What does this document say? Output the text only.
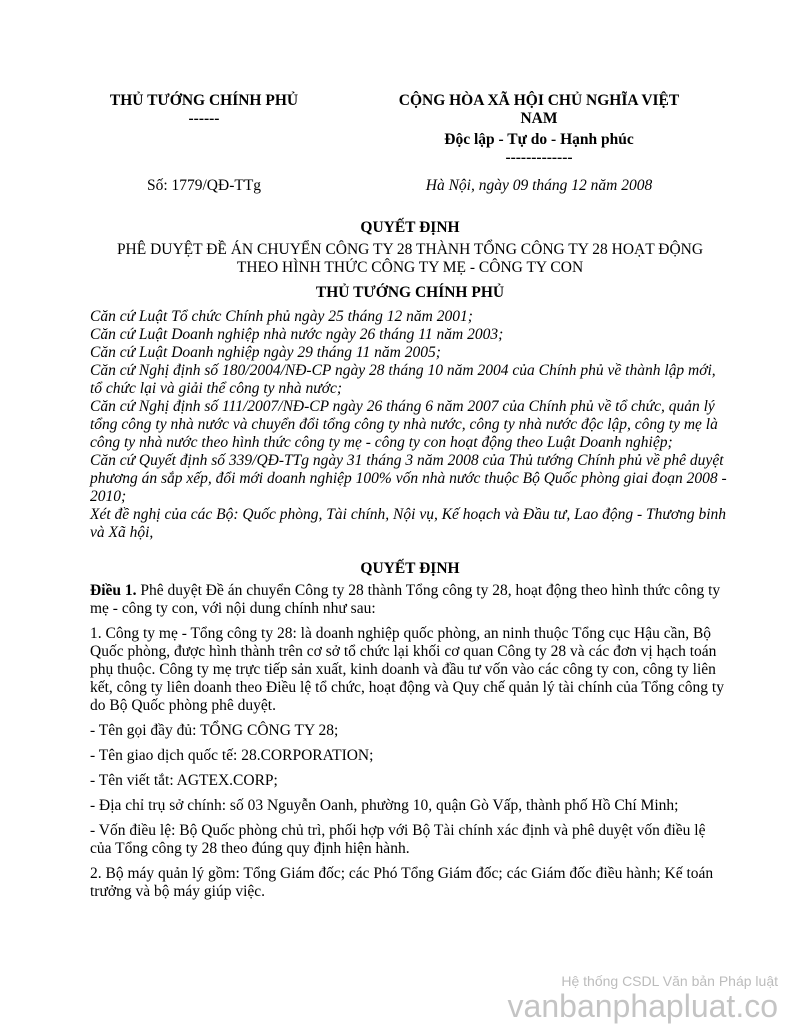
THỦ TƯỚNG CHÍNH PHỦ
------
CỘNG HÒA XÃ HỘI CHỦ NGHĨA VIỆT
NAM
Độc lập - Tự do - Hạnh phúc
-------------
Số: 1779/QĐ-TTg	Hà Nội, ngày 09 tháng 12 năm 2008
QUYẾT ĐỊNH
PHÊ DUYỆT ĐỀ ÁN CHUYỂN CÔNG TY 28 THÀNH TỔNG CÔNG TY 28 HOẠT ĐỘNG
THEO HÌNH THỨC CÔNG TY MẸ - CÔNG TY CON
THỦ TƯỚNG CHÍNH PHỦ

Căn cứ Luật Tổ chức Chính phủ ngày 25 tháng 12 năm 2001;

Căn cứ Luật Doanh nghiệp nhà nước ngày 26 tháng 11 năm 2003;

Căn cứ Luật Doanh nghiệp ngày 29 tháng 11 năm 2005;

Căn cứ Nghị định số 180/2004/NĐ-CP ngày 28 tháng 10 năm 2004 của Chính phủ về thành lập mới, tổ chức lại và giải thể công ty nhà nước;

Căn cứ Nghị định số 111/2007/NĐ-CP ngày 26 tháng 6 năm 2007 của Chính phủ về tổ chức, quản lý tổng công ty nhà nước và chuyển đổi tổng công ty nhà nước, công ty nhà nước độc lập, công ty mẹ là công ty nhà nước theo hình thức công ty mẹ - công ty con hoạt động theo Luật Doanh nghiệp;

Căn cứ Quyết định số 339/QĐ-TTg ngày 31 tháng 3 năm 2008 của Thủ tướng Chính phủ về phê duyệt phương án sắp xếp, đổi mới doanh nghiệp 100% vốn nhà nước thuộc Bộ Quốc phòng giai đoạn 2008 - 2010;

Xét đề nghị của các Bộ: Quốc phòng, Tài chính, Nội vụ, Kế hoạch và Đầu tư, Lao động - Thương binh và Xã hội,

QUYẾT ĐỊNH

Điều 1. Phê duyệt Đề án chuyển Công ty 28 thành Tổng công ty 28, hoạt động theo hình thức công ty mẹ - công ty con, với nội dung chính như sau:

1. Công ty mẹ - Tổng công ty 28: là doanh nghiệp quốc phòng, an ninh thuộc Tổng cục Hậu cần, Bộ Quốc phòng, được hình thành trên cơ sở tổ chức lại khối cơ quan Công ty 28 và các đơn vị hạch toán phụ thuộc. Công ty mẹ trực tiếp sản xuất, kinh doanh và đầu tư vốn vào các công ty con, công ty liên kết, công ty liên doanh theo Điều lệ tổ chức, hoạt động và Quy chế quản lý tài chính của Tổng công ty do Bộ Quốc phòng phê duyệt.

- Tên gọi đầy đủ: TỔNG CÔNG TY 28;

- Tên giao dịch quốc tế: 28.CORPORATION;

- Tên viết tắt: AGTEX.CORP;

- Địa chỉ trụ sở chính: số 03 Nguyễn Oanh, phường 10, quận Gò Vấp, thành phố Hồ Chí Minh;

- Vốn điều lệ: Bộ Quốc phòng chủ trì, phối hợp với Bộ Tài chính xác định và phê duyệt vốn điều lệ của Tổng công ty 28 theo đúng quy định hiện hành.

2. Bộ máy quản lý gồm: Tổng Giám đốc; các Phó Tổng Giám đốc; các Giám đốc điều hành; Kế toán trưởng và bộ máy giúp việc.

Hệ thống CSDL Văn bản Pháp luật
vanbanphapluat.co
